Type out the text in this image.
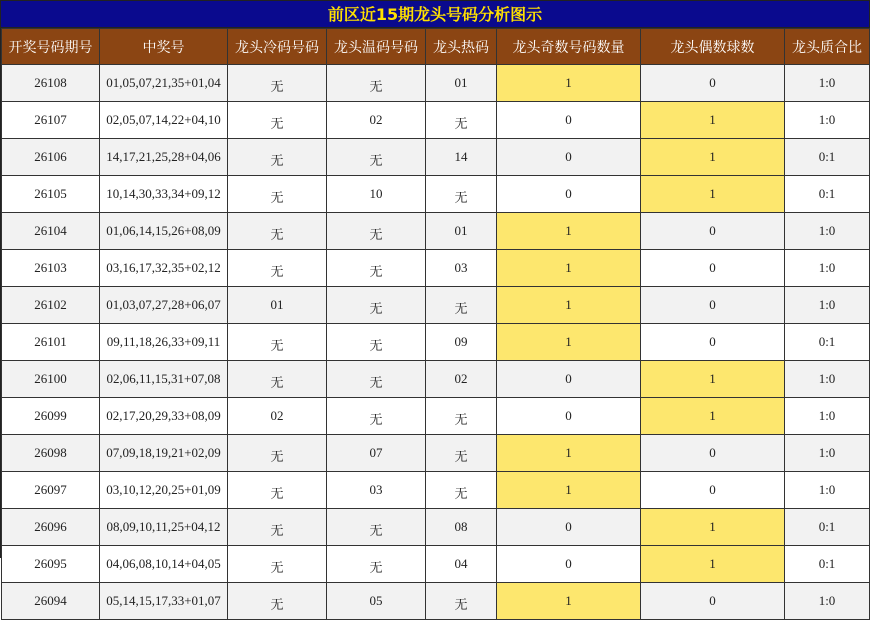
前区近15期龙头号码分析图示
开奖号码期号	中奖号	龙头冷码号码	龙头温码号码	龙头热码	龙头奇数号码数量	龙头偶数球数	龙头质合比
26108	01,05,07,21,35+01,04	无	无	01	1	0	1:0
26107	02,05,07,14,22+04,10	无	02	无	0	1	1:0
26106	14,17,21,25,28+04,06	无	无	14	0	1	0:1
26105	10,14,30,33,34+09,12	无	10	无	0	1	0:1
26104	01,06,14,15,26+08,09	无	无	01	1	0	1:0
26103	03,16,17,32,35+02,12	无	无	03	1	0	1:0
26102	01,03,07,27,28+06,07	01	无	无	1	0	1:0
26101	09,11,18,26,33+09,11	无	无	09	1	0	0:1
26100	02,06,11,15,31+07,08	无	无	02	0	1	1:0
26099	02,17,20,29,33+08,09	02	无	无	0	1	1:0
26098	07,09,18,19,21+02,09	无	07	无	1	0	1:0
26097	03,10,12,20,25+01,09	无	03	无	1	0	1:0
26096	08,09,10,11,25+04,12	无	无	08	0	1	0:1
26095	04,06,08,10,14+04,05	无	无	04	0	1	0:1
26094	05,14,15,17,33+01,07	无	05	无	1	0	1:0
